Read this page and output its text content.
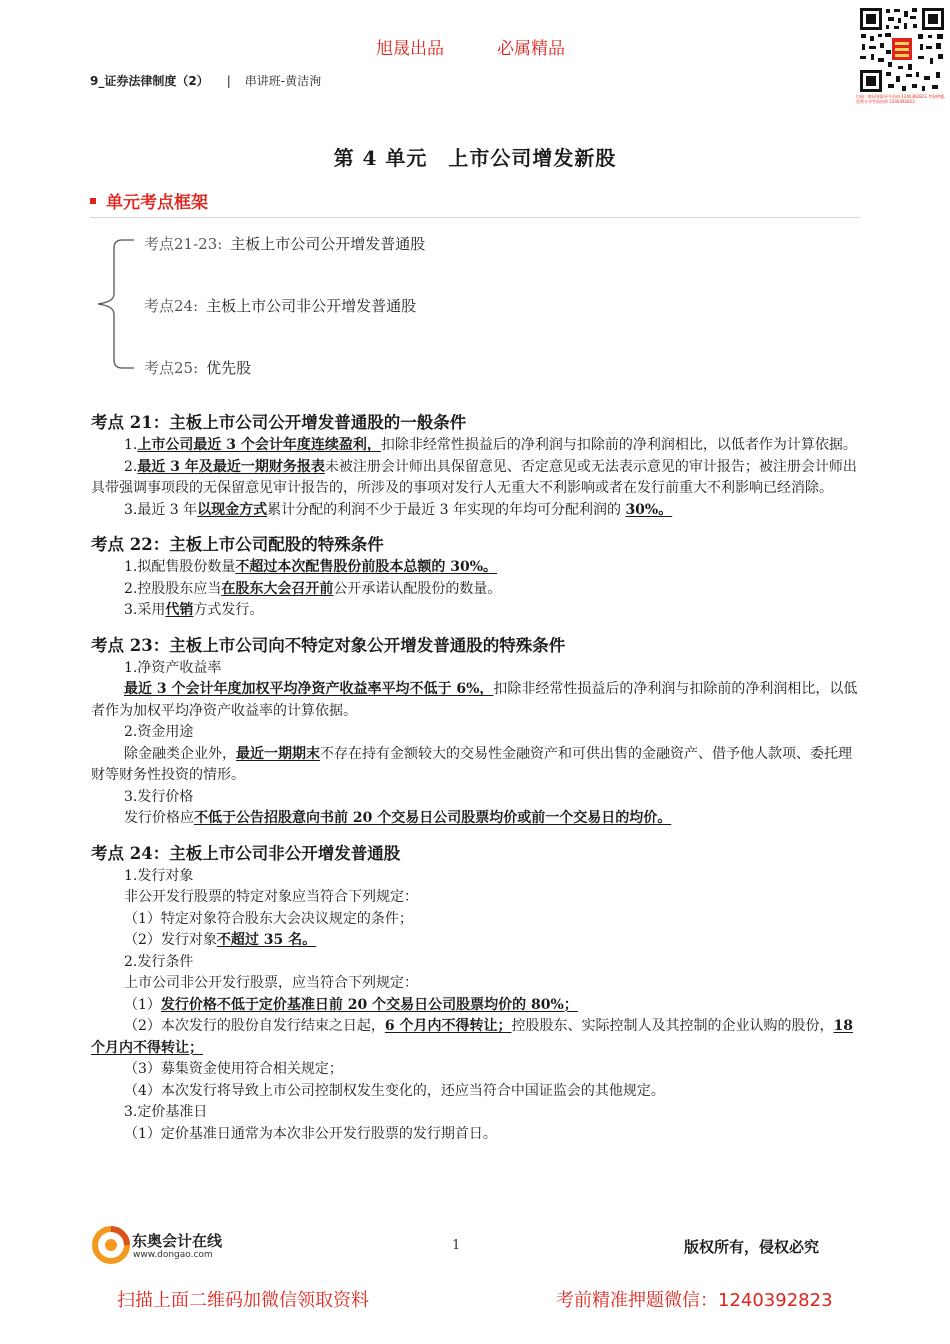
旭晟出品	必属精品
扫描二维码领取更多资料 1240392823 考前押题，免费分享考前资料 1240392823
9_证券法律制度（2） | 串讲班-黄洁洵
第 4 单元　上市公司增发新股
单元考点框架
考点21-23: 主板上市公司公开增发普通股
考点24: 主板上市公司非公开增发普通股
考点25: 优先股
考点 21：主板上市公司公开增发普通股的一般条件

1.上市公司最近 3 个会计年度连续盈利，扣除非经常性损益后的净利润与扣除前的净利润相比，以低者作为计算依据。

2.最近 3 年及最近一期财务报表未被注册会计师出具保留意见、否定意见或无法表示意见的审计报告；被注册会计师出具带强调事项段的无保留意见审计报告的，所涉及的事项对发行人无重大不利影响或者在发行前重大不利影响已经消除。

3.最近 3 年以现金方式累计分配的利润不少于最近 3 年实现的年均可分配利润的 30%。

考点 22：主板上市公司配股的特殊条件

1.拟配售股份数量不超过本次配售股份前股本总额的 30%。

2.控股股东应当在股东大会召开前公开承诺认配股份的数量。

3.采用代销方式发行。

考点 23：主板上市公司向不特定对象公开增发普通股的特殊条件

1.净资产收益率

最近 3 个会计年度加权平均净资产收益率平均不低于 6%，扣除非经常性损益后的净利润与扣除前的净利润相比，以低者作为加权平均净资产收益率的计算依据。

2.资金用途

除金融类企业外，最近一期期末不存在持有金额较大的交易性金融资产和可供出售的金融资产、借予他人款项、委托理财等财务性投资的情形。

3.发行价格

发行价格应不低于公告招股意向书前 20 个交易日公司股票均价或前一个交易日的均价。

考点 24：主板上市公司非公开增发普通股

1.发行对象

非公开发行股票的特定对象应当符合下列规定：

（1）特定对象符合股东大会决议规定的条件；

（2）发行对象不超过 35 名。

2.发行条件

上市公司非公开发行股票，应当符合下列规定：

（1）发行价格不低于定价基准日前 20 个交易日公司股票均价的 80%；

（2）本次发行的股份自发行结束之日起，6 个月内不得转让；控股股东、实际控制人及其控制的企业认购的股份，18 个月内不得转让；

（3）募集资金使用符合相关规定；

（4）本次发行将导致上市公司控制权发生变化的，还应当符合中国证监会的其他规定。

3.定价基准日

（1）定价基准日通常为本次非公开发行股票的发行期首日。

东奥会计在线
www.dongao.com
1	版权所有，侵权必究
扫描上面二维码加微信领取资料	考前精准押题微信：1240392823
